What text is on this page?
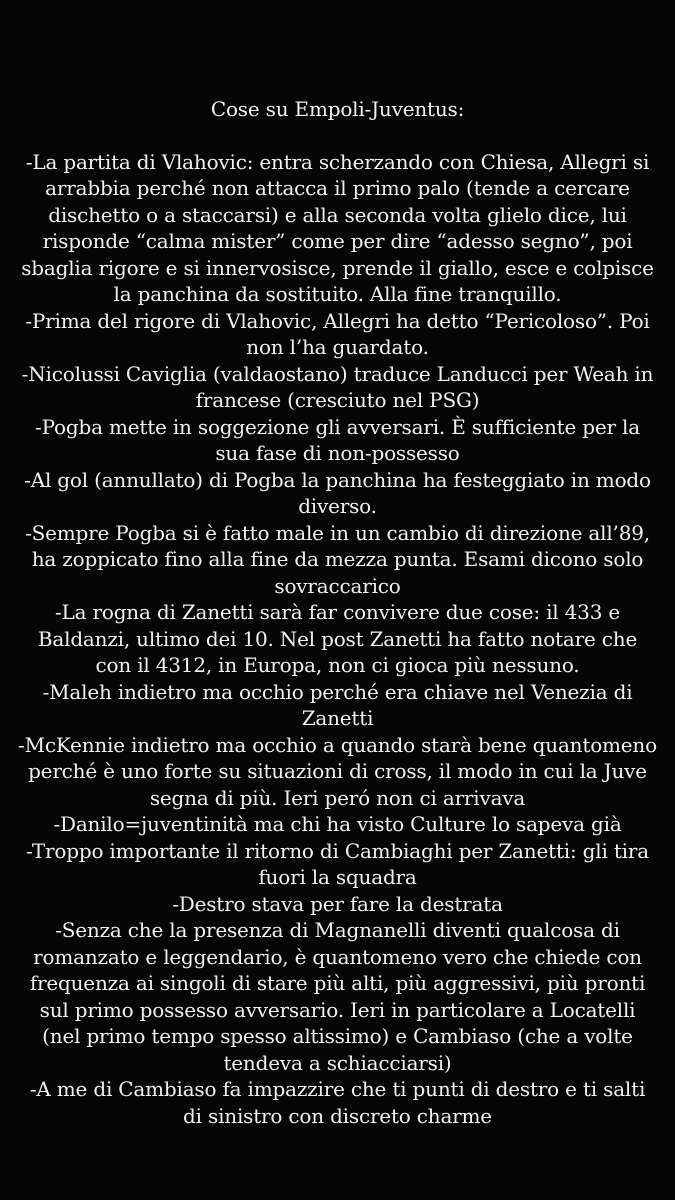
Cose su Empoli-Juventus:

-La partita di Vlahovic: entra scherzando con Chiesa, Allegri si arrabbia perché non attacca il primo palo (tende a cercare dischetto o a staccarsi) e alla seconda volta glielo dice, lui risponde “calma mister” come per dire “adesso segno”, poi sbaglia rigore e si innervosisce, prende il giallo, esce e colpisce la panchina da sostituito. Alla fine tranquillo.

-Prima del rigore di Vlahovic, Allegri ha detto “Pericoloso”. Poi non l’ha guardato.

-Nicolussi Caviglia (valdaostano) traduce Landucci per Weah in francese (cresciuto nel PSG)

-Pogba mette in soggezione gli avversari. È sufficiente per la sua fase di non-possesso

-Al gol (annullato) di Pogba la panchina ha festeggiato in modo diverso.

-Sempre Pogba si è fatto male in un cambio di direzione all’89, ha zoppicato fino alla fine da mezza punta. Esami dicono solo sovraccarico

-La rogna di Zanetti sarà far convivere due cose: il 433 e Baldanzi, ultimo dei 10. Nel post Zanetti ha fatto notare che con il 4312, in Europa, non ci gioca più nessuno.

-Maleh indietro ma occhio perché era chiave nel Venezia di Zanetti

-McKennie indietro ma occhio a quando starà bene quantomeno perché è uno forte su situazioni di cross, il modo in cui la Juve segna di più. Ieri peró non ci arrivava

-Danilo=juventinità ma chi ha visto Culture lo sapeva già

-Troppo importante il ritorno di Cambiaghi per Zanetti: gli tira fuori la squadra

-Destro stava per fare la destrata

-Senza che la presenza di Magnanelli diventi qualcosa di romanzato e leggendario, è quantomeno vero che chiede con frequenza ai singoli di stare più alti, più aggressivi, più pronti sul primo possesso avversario. Ieri in particolare a Locatelli (nel primo tempo spesso altissimo) e Cambiaso (che a volte tendeva a schiacciarsi)

-A me di Cambiaso fa impazzire che ti punti di destro e ti salti di sinistro con discreto charme
